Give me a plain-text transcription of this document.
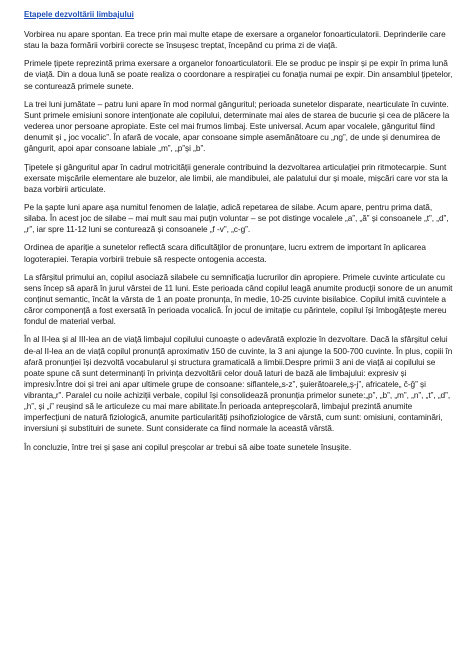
Etapele dezvoltării limbajului

Vorbirea nu apare spontan. Ea trece prin mai multe etape de exersare a organelor fonoarticulatorii. Deprinderile care stau la baza formării vorbirii corecte se însușesc treptat, începând cu prima zi de viață.

Primele țipete reprezintă prima exersare a organelor fonoarticulatorii. Ele se produc pe inspir și pe expir în prima lună de viață. Din a doua lună se poate realiza o coordonare a respirației cu fonația numai pe expir. Din ansamblul țipetelor, se conturează primele sunete.

La trei luni jumătate – patru luni apare în mod normal gânguritul; perioada sunetelor disparate, nearticulate în cuvinte. Sunt primele emisiuni sonore intenționate ale copilului, determinate mai ales de starea de bucurie și cea de plăcere la vederea unor persoane apropiate. Este cel mai frumos limbaj. Este universal. Acum apar vocalele, gânguritul fiind denumit și „ joc vocalic”. În afară de vocale, apar consoane simple asemănătoare cu „ng”, de unde și denumirea de gângurit, apoi apar consoane labiale „m”, „p”și „b”.

Țipetele și gânguritul apar în cadrul motricității generale contribuind la dezvoltarea articulației prin ritmotecarpie. Sunt exersate mișcările elementare ale buzelor, ale limbii, ale mandibulei, ale palatului dur și moale, mișcări care vor sta la baza vorbirii articulate.

Pe la șapte luni apare așa numitul fenomen de lalație, adică repetarea de silabe. Acum apare, pentru prima dată, silaba. În acest joc de silabe – mai mult sau mai puțin voluntar – se pot distinge vocalele „a”, „ă” și consoanele „t”, „d”, „r”, iar spre 11-12 luni se conturează și consoanele „f -v”, „c-g”.

Ordinea de apariție a sunetelor reflectă scara dificultăților de pronunțare, lucru extrem de important în aplicarea logoterapiei. Terapia vorbirii trebuie să respecte ontogenia accesta.

La sfârșitul primului an, copilul asociază silabele cu semnificația lucrurilor din apropiere. Primele cuvinte articulate cu sens încep să apară în jurul vârstei de 11 luni. Este perioada când copilul leagă anumite producții sonore de un anumit conținut semantic, încât la vârsta de 1 an poate pronunța, în medie, 10-25 cuvinte bisilabice. Copilul imită cuvintele a căror componență a fost exersată în perioada vocalică. În jocul de imitație cu părintele, copilul își îmbogățește mereu fondul de material verbal.

În al II-lea și al III-lea an de viață limbajul copilului cunoaște o adevărată explozie în dezvoltare. Dacă la sfârșitul celui de-al II-lea an de viață copilul pronunță aproximativ 150 de cuvinte, la 3 ani ajunge la 500-700 cuvinte. În plus, copiii în afară pronunției își dezvoltă vocabularul și structura gramaticală a limbii.Despre primii 3 ani de viață ai copilului se poate spune că sunt determinanți în privința dezvoltării celor două laturi de bază ale limbajului: expresiv și impresiv.Între doi și trei ani apar ultimele grupe de consoane: siflantele„s-z”, șuierătoarele„ș-j”, africatele„ č-ğ” și vibranta„r”. Paralel cu noile achiziții verbale, copilul își consolidează pronunția primelor sunete:„p”, „b”, „m”, „n”, „t”, „d”, „h”, și „i” reușind să le articuleze cu mai mare abilitate.În perioada antepreșcolară, limbajul prezintă anumite imperfecțiuni de natură fiziologică, anumite particularități psihofiziologice de vârstă, cum sunt: omisiuni, contaminări, inversiuni și substituiri de sunete. Sunt considerate ca fiind normale la această vârstă.

În concluzie, între trei și șase ani copilul preșcolar ar trebui să aibe toate sunetele însușite.
